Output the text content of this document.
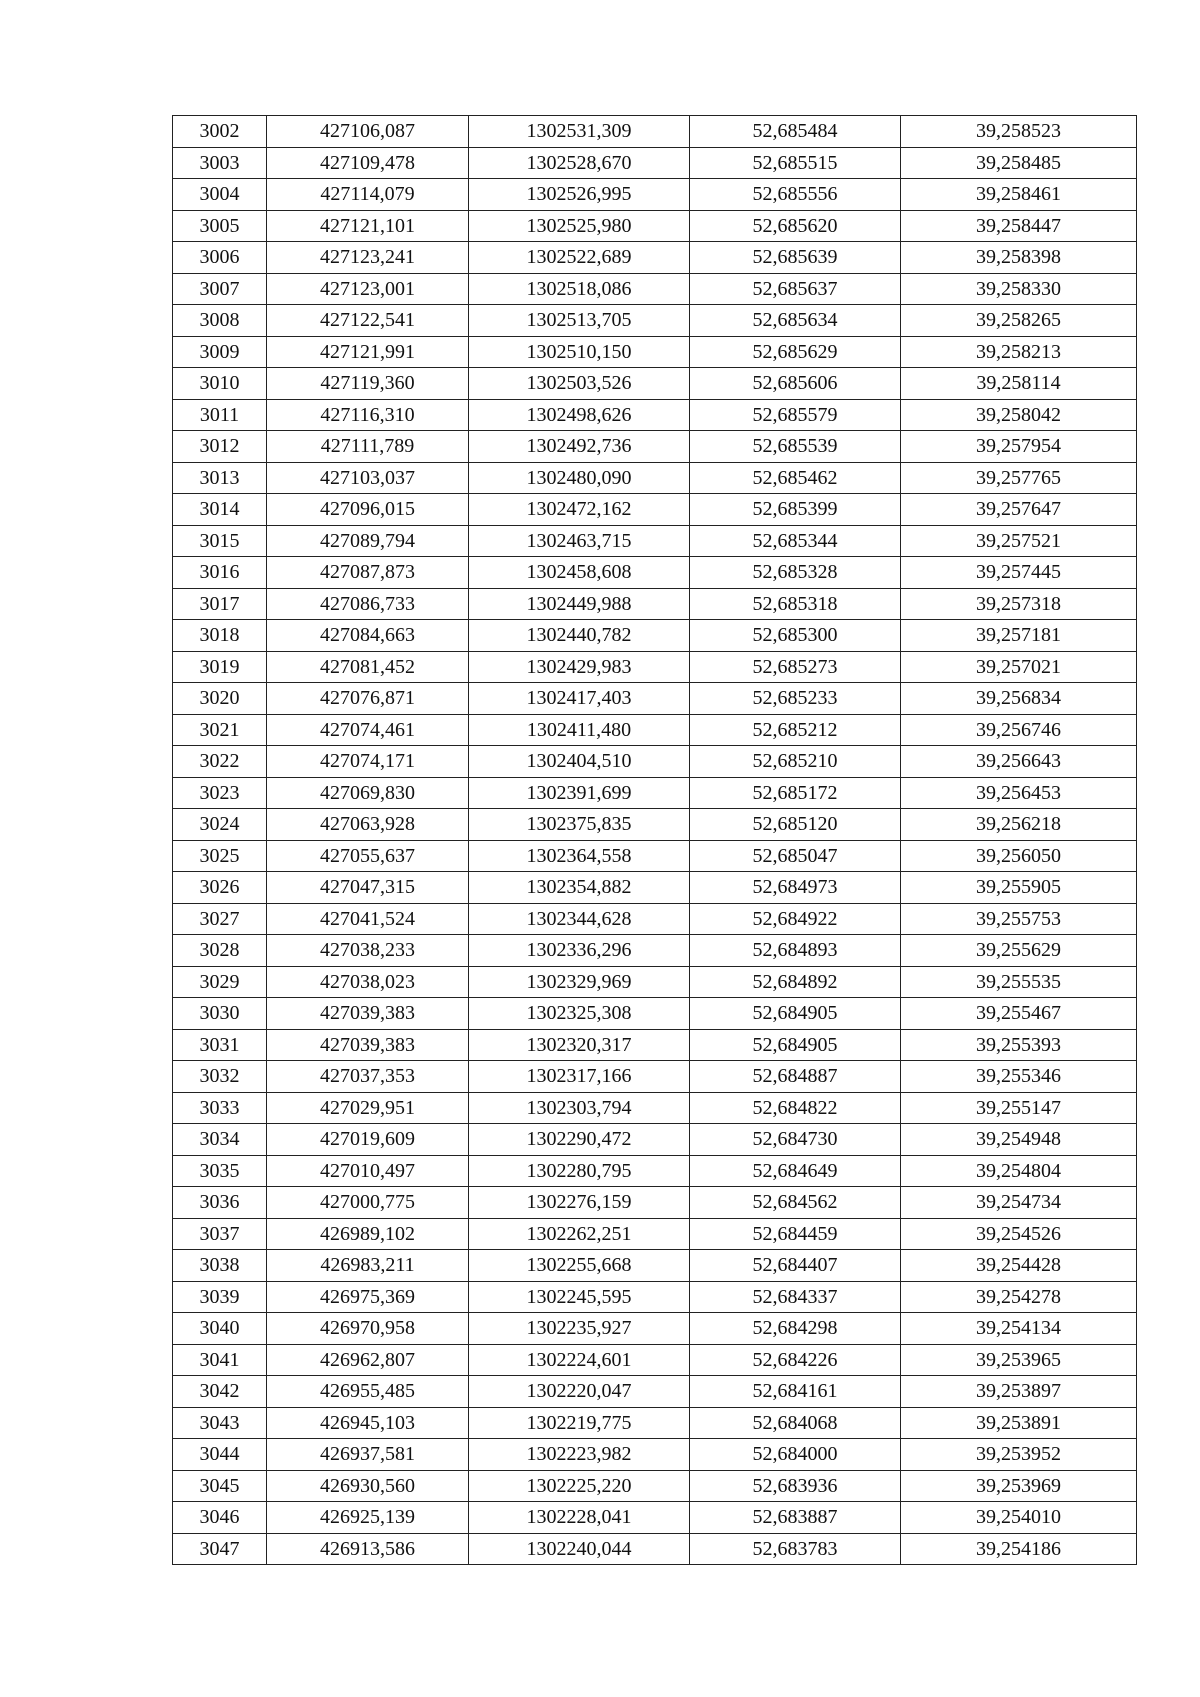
3002	427106,087	1302531,309	52,685484	39,258523
3003	427109,478	1302528,670	52,685515	39,258485
3004	427114,079	1302526,995	52,685556	39,258461
3005	427121,101	1302525,980	52,685620	39,258447
3006	427123,241	1302522,689	52,685639	39,258398
3007	427123,001	1302518,086	52,685637	39,258330
3008	427122,541	1302513,705	52,685634	39,258265
3009	427121,991	1302510,150	52,685629	39,258213
3010	427119,360	1302503,526	52,685606	39,258114
3011	427116,310	1302498,626	52,685579	39,258042
3012	427111,789	1302492,736	52,685539	39,257954
3013	427103,037	1302480,090	52,685462	39,257765
3014	427096,015	1302472,162	52,685399	39,257647
3015	427089,794	1302463,715	52,685344	39,257521
3016	427087,873	1302458,608	52,685328	39,257445
3017	427086,733	1302449,988	52,685318	39,257318
3018	427084,663	1302440,782	52,685300	39,257181
3019	427081,452	1302429,983	52,685273	39,257021
3020	427076,871	1302417,403	52,685233	39,256834
3021	427074,461	1302411,480	52,685212	39,256746
3022	427074,171	1302404,510	52,685210	39,256643
3023	427069,830	1302391,699	52,685172	39,256453
3024	427063,928	1302375,835	52,685120	39,256218
3025	427055,637	1302364,558	52,685047	39,256050
3026	427047,315	1302354,882	52,684973	39,255905
3027	427041,524	1302344,628	52,684922	39,255753
3028	427038,233	1302336,296	52,684893	39,255629
3029	427038,023	1302329,969	52,684892	39,255535
3030	427039,383	1302325,308	52,684905	39,255467
3031	427039,383	1302320,317	52,684905	39,255393
3032	427037,353	1302317,166	52,684887	39,255346
3033	427029,951	1302303,794	52,684822	39,255147
3034	427019,609	1302290,472	52,684730	39,254948
3035	427010,497	1302280,795	52,684649	39,254804
3036	427000,775	1302276,159	52,684562	39,254734
3037	426989,102	1302262,251	52,684459	39,254526
3038	426983,211	1302255,668	52,684407	39,254428
3039	426975,369	1302245,595	52,684337	39,254278
3040	426970,958	1302235,927	52,684298	39,254134
3041	426962,807	1302224,601	52,684226	39,253965
3042	426955,485	1302220,047	52,684161	39,253897
3043	426945,103	1302219,775	52,684068	39,253891
3044	426937,581	1302223,982	52,684000	39,253952
3045	426930,560	1302225,220	52,683936	39,253969
3046	426925,139	1302228,041	52,683887	39,254010
3047	426913,586	1302240,044	52,683783	39,254186
